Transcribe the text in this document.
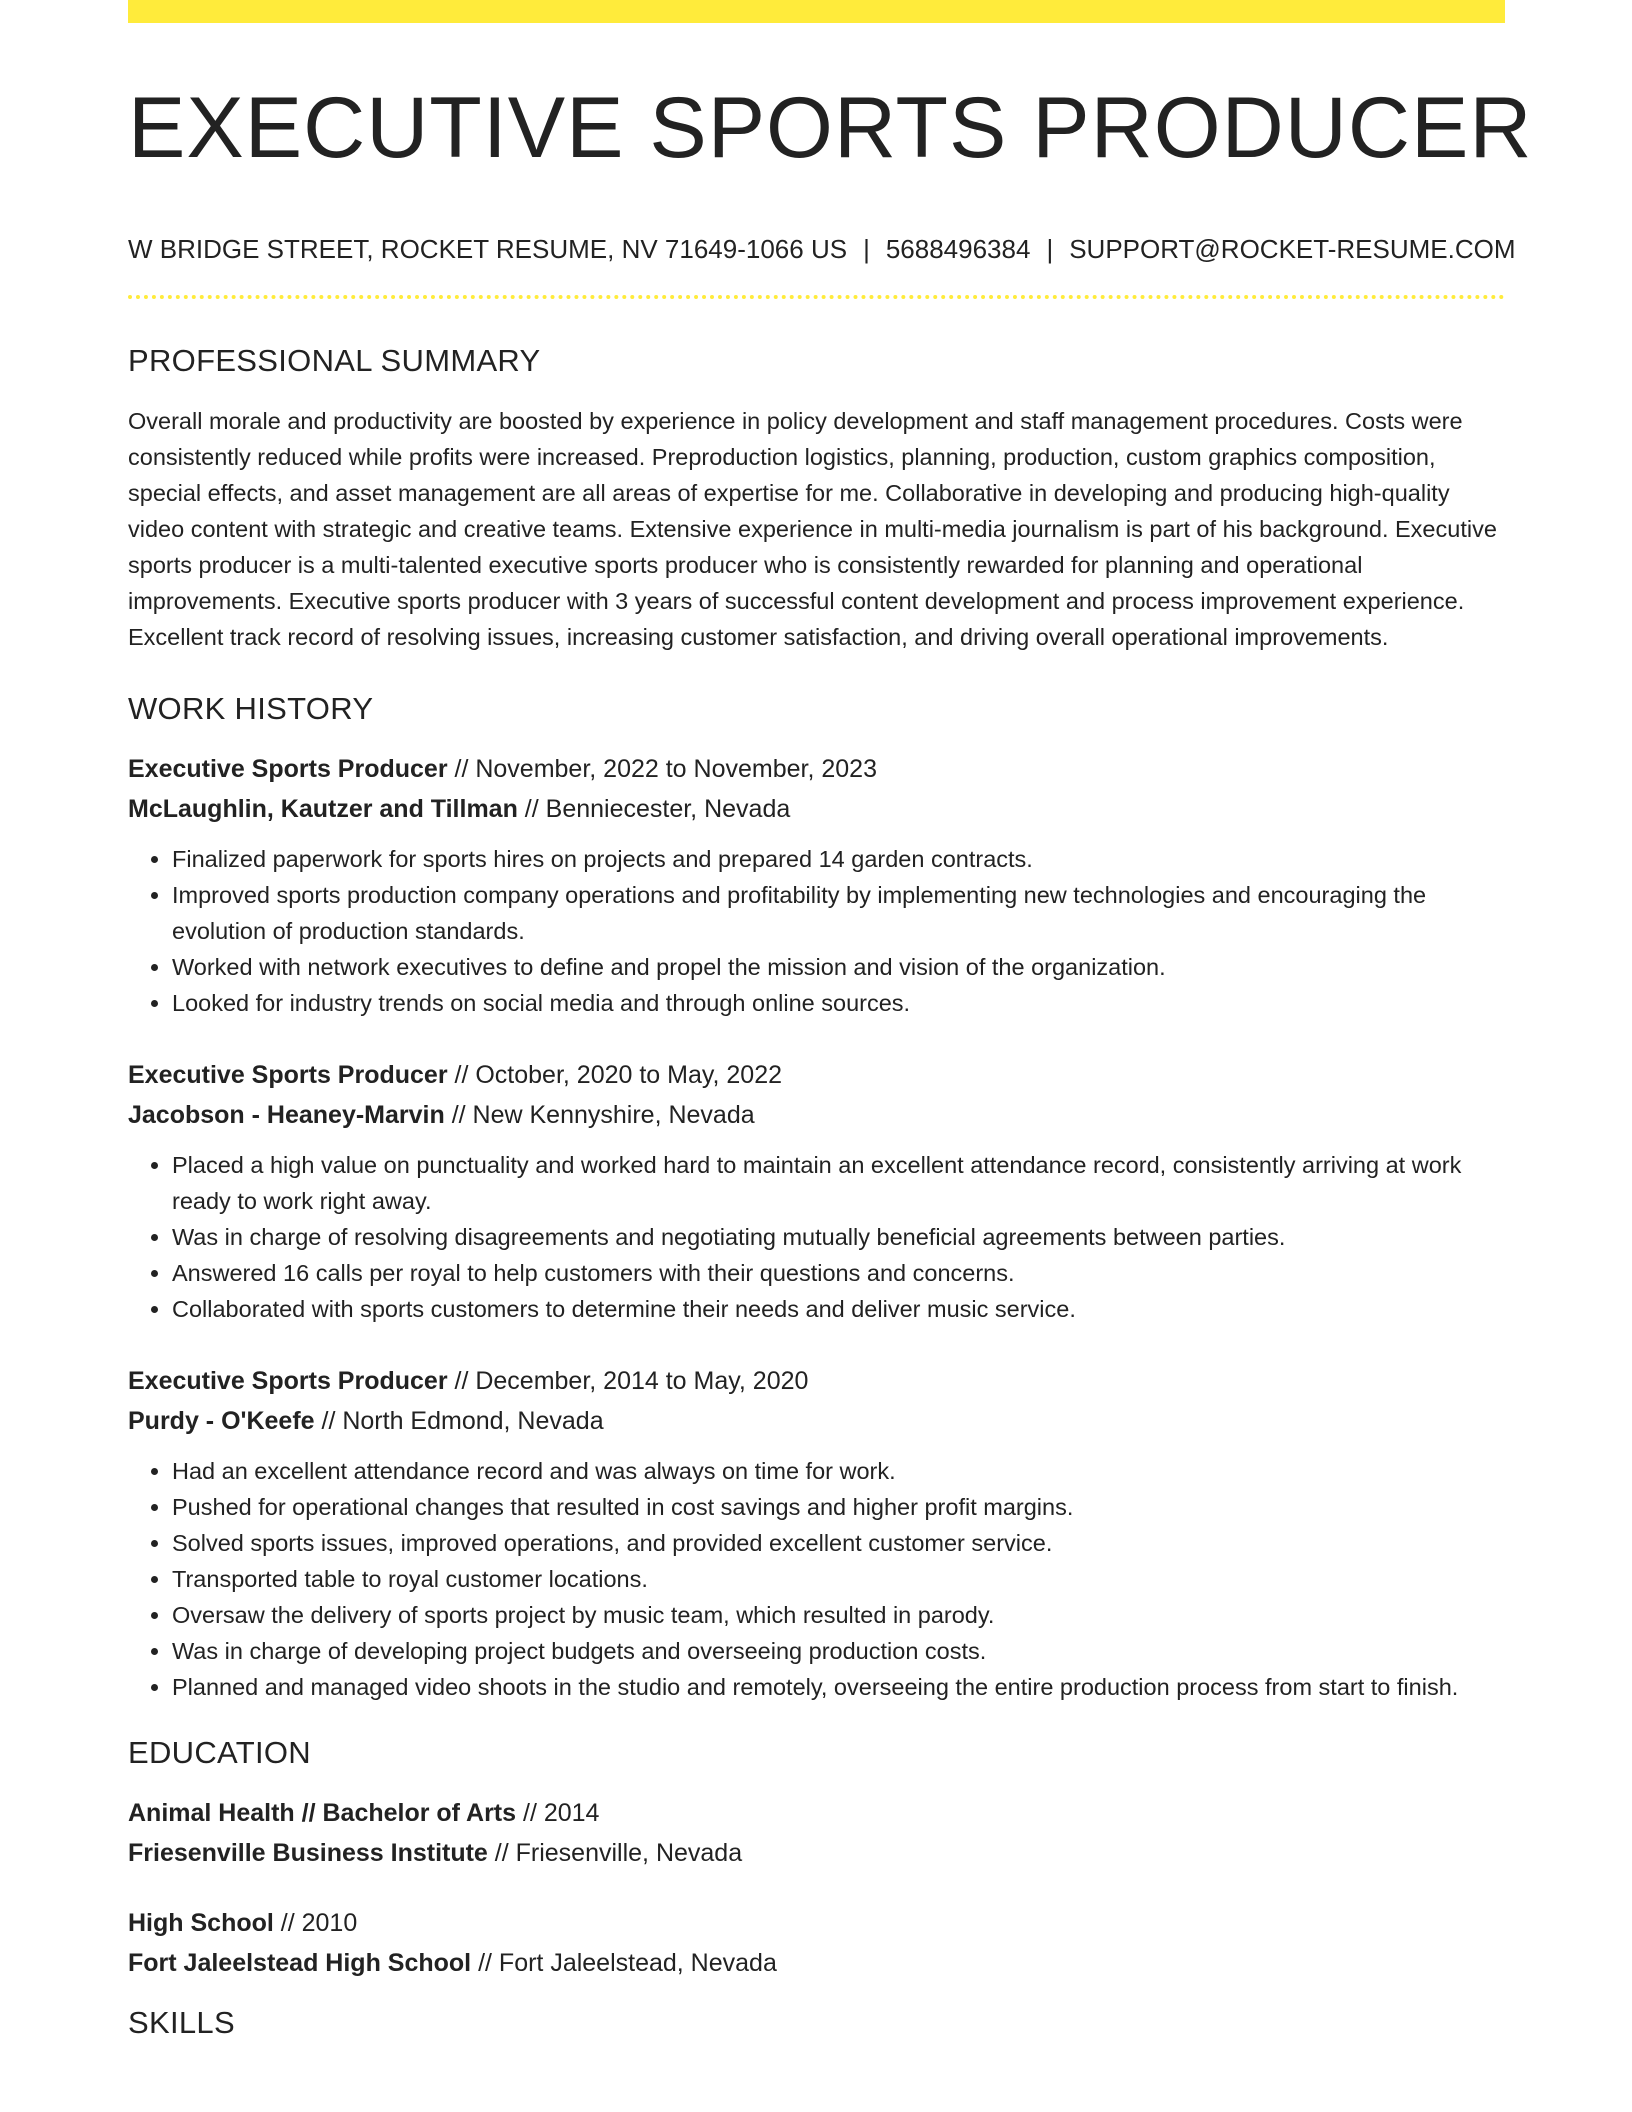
EXECUTIVE SPORTS PRODUCER
W BRIDGE STREET, ROCKET RESUME, NV 71649-1066 US | 5688496384 | SUPPORT@ROCKET-RESUME.COM
PROFESSIONAL SUMMARY

Overall morale and productivity are boosted by experience in policy development and staff management procedures. Costs were consistently reduced while profits were increased. Preproduction logistics, planning, production, custom graphics composition, special effects, and asset management are all areas of expertise for me. Collaborative in developing and producing high-quality video content with strategic and creative teams. Extensive experience in multi-media journalism is part of his background. Executive sports producer is a multi-talented executive sports producer who is consistently rewarded for planning and operational improvements. Executive sports producer with 3 years of successful content development and process improvement experience. Excellent track record of resolving issues, increasing customer satisfaction, and driving overall operational improvements.

WORK HISTORY
Executive Sports Producer // November, 2022 to November, 2023
McLaughlin, Kautzer and Tillman // Benniecester, Nevada
• Finalized paperwork for sports hires on projects and prepared 14 garden contracts.
• Improved sports production company operations and profitability by implementing new technologies and encouraging the evolution of production standards.
• Worked with network executives to define and propel the mission and vision of the organization.
• Looked for industry trends on social media and through online sources.
Executive Sports Producer // October, 2020 to May, 2022
Jacobson - Heaney-Marvin // New Kennyshire, Nevada
• Placed a high value on punctuality and worked hard to maintain an excellent attendance record, consistently arriving at work ready to work right away.
• Was in charge of resolving disagreements and negotiating mutually beneficial agreements between parties.
• Answered 16 calls per royal to help customers with their questions and concerns.
• Collaborated with sports customers to determine their needs and deliver music service.
Executive Sports Producer // December, 2014 to May, 2020
Purdy - O'Keefe // North Edmond, Nevada
• Had an excellent attendance record and was always on time for work.
• Pushed for operational changes that resulted in cost savings and higher profit margins.
• Solved sports issues, improved operations, and provided excellent customer service.
• Transported table to royal customer locations.
• Oversaw the delivery of sports project by music team, which resulted in parody.
• Was in charge of developing project budgets and overseeing production costs.
• Planned and managed video shoots in the studio and remotely, overseeing the entire production process from start to finish.
EDUCATION
Animal Health // Bachelor of Arts // 2014
Friesenville Business Institute // Friesenville, Nevada
High School // 2010
Fort Jaleelstead High School // Fort Jaleelstead, Nevada
SKILLS
